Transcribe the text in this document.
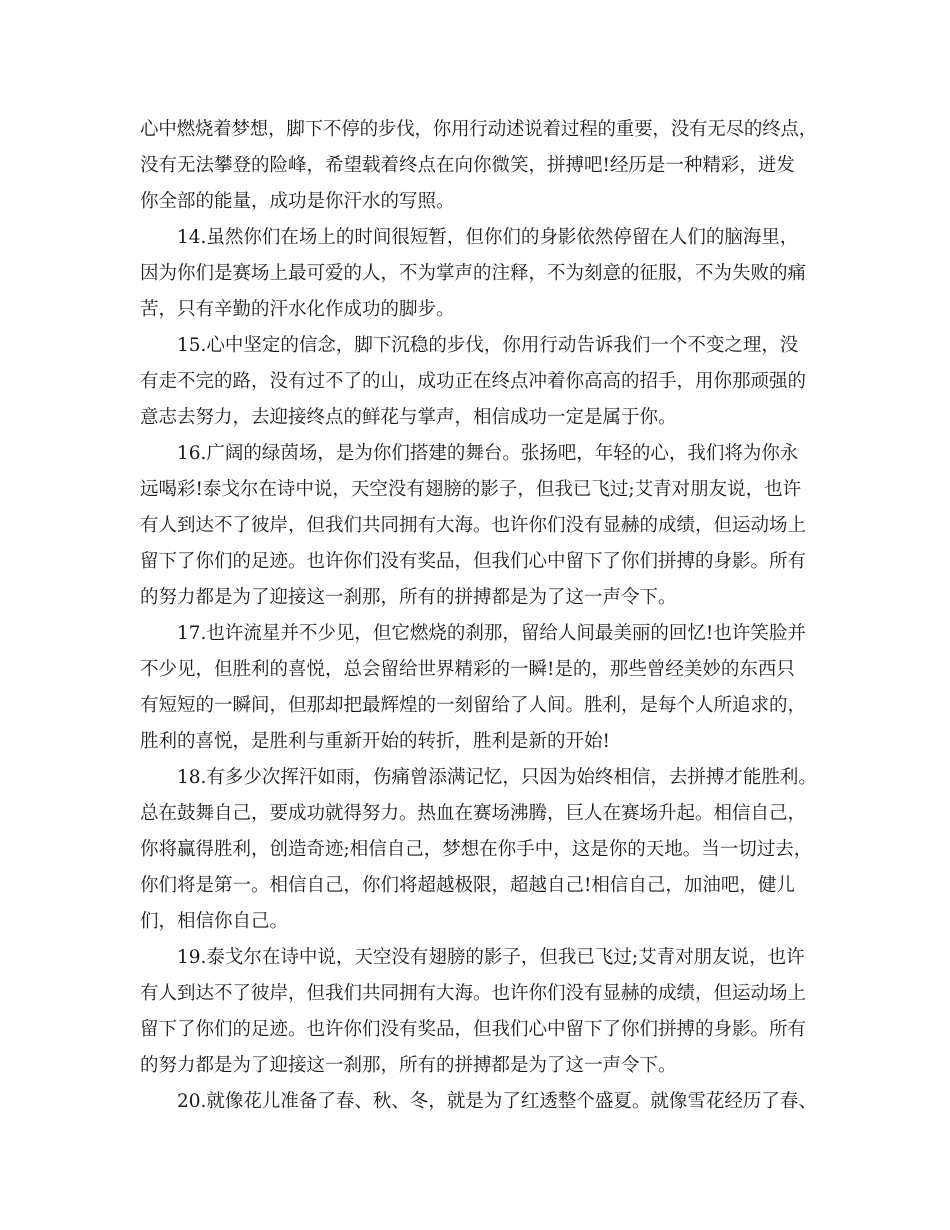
心中燃烧着梦想，脚下不停的步伐，你用行动述说着过程的重要，没有无尽的终点，
没有无法攀登的险峰，希望载着终点在向你微笑，拼搏吧!经历是一种精彩，迸发
你全部的能量，成功是你汗水的写照。
14.虽然你们在场上的时间很短暂，但你们的身影依然停留在人们的脑海里，
因为你们是赛场上最可爱的人，不为掌声的注释，不为刻意的征服，不为失败的痛
苦，只有辛勤的汗水化作成功的脚步。
15.心中坚定的信念，脚下沉稳的步伐，你用行动告诉我们一个不变之理，没
有走不完的路，没有过不了的山，成功正在终点冲着你高高的招手，用你那顽强的
意志去努力，去迎接终点的鲜花与掌声，相信成功一定是属于你。
16.广阔的绿茵场，是为你们搭建的舞台。张扬吧，年轻的心，我们将为你永
远喝彩!泰戈尔在诗中说，天空没有翅膀的影子，但我已飞过;艾青对朋友说，也许
有人到达不了彼岸，但我们共同拥有大海。也许你们没有显赫的成绩，但运动场上
留下了你们的足迹。也许你们没有奖品，但我们心中留下了你们拼搏的身影。所有
的努力都是为了迎接这一刹那，所有的拼搏都是为了这一声令下。
17.也许流星并不少见，但它燃烧的刹那，留给人间最美丽的回忆!也许笑脸并
不少见，但胜利的喜悦，总会留给世界精彩的一瞬!是的，那些曾经美妙的东西只
有短短的一瞬间，但那却把最辉煌的一刻留给了人间。胜利，是每个人所追求的，
胜利的喜悦，是胜利与重新开始的转折，胜利是新的开始!
18.有多少次挥汗如雨，伤痛曾添满记忆，只因为始终相信，去拼搏才能胜利。
总在鼓舞自己，要成功就得努力。热血在赛场沸腾，巨人在赛场升起。相信自己，
你将赢得胜利，创造奇迹;相信自己，梦想在你手中，这是你的天地。当一切过去，
你们将是第一。相信自己，你们将超越极限，超越自己!相信自己，加油吧，健儿
们，相信你自己。
19.泰戈尔在诗中说，天空没有翅膀的影子，但我已飞过;艾青对朋友说，也许
有人到达不了彼岸，但我们共同拥有大海。也许你们没有显赫的成绩，但运动场上
留下了你们的足迹。也许你们没有奖品，但我们心中留下了你们拼搏的身影。所有
的努力都是为了迎接这一刹那，所有的拼搏都是为了这一声令下。
20.就像花儿准备了春、秋、冬，就是为了红透整个盛夏。就像雪花经历了春、
